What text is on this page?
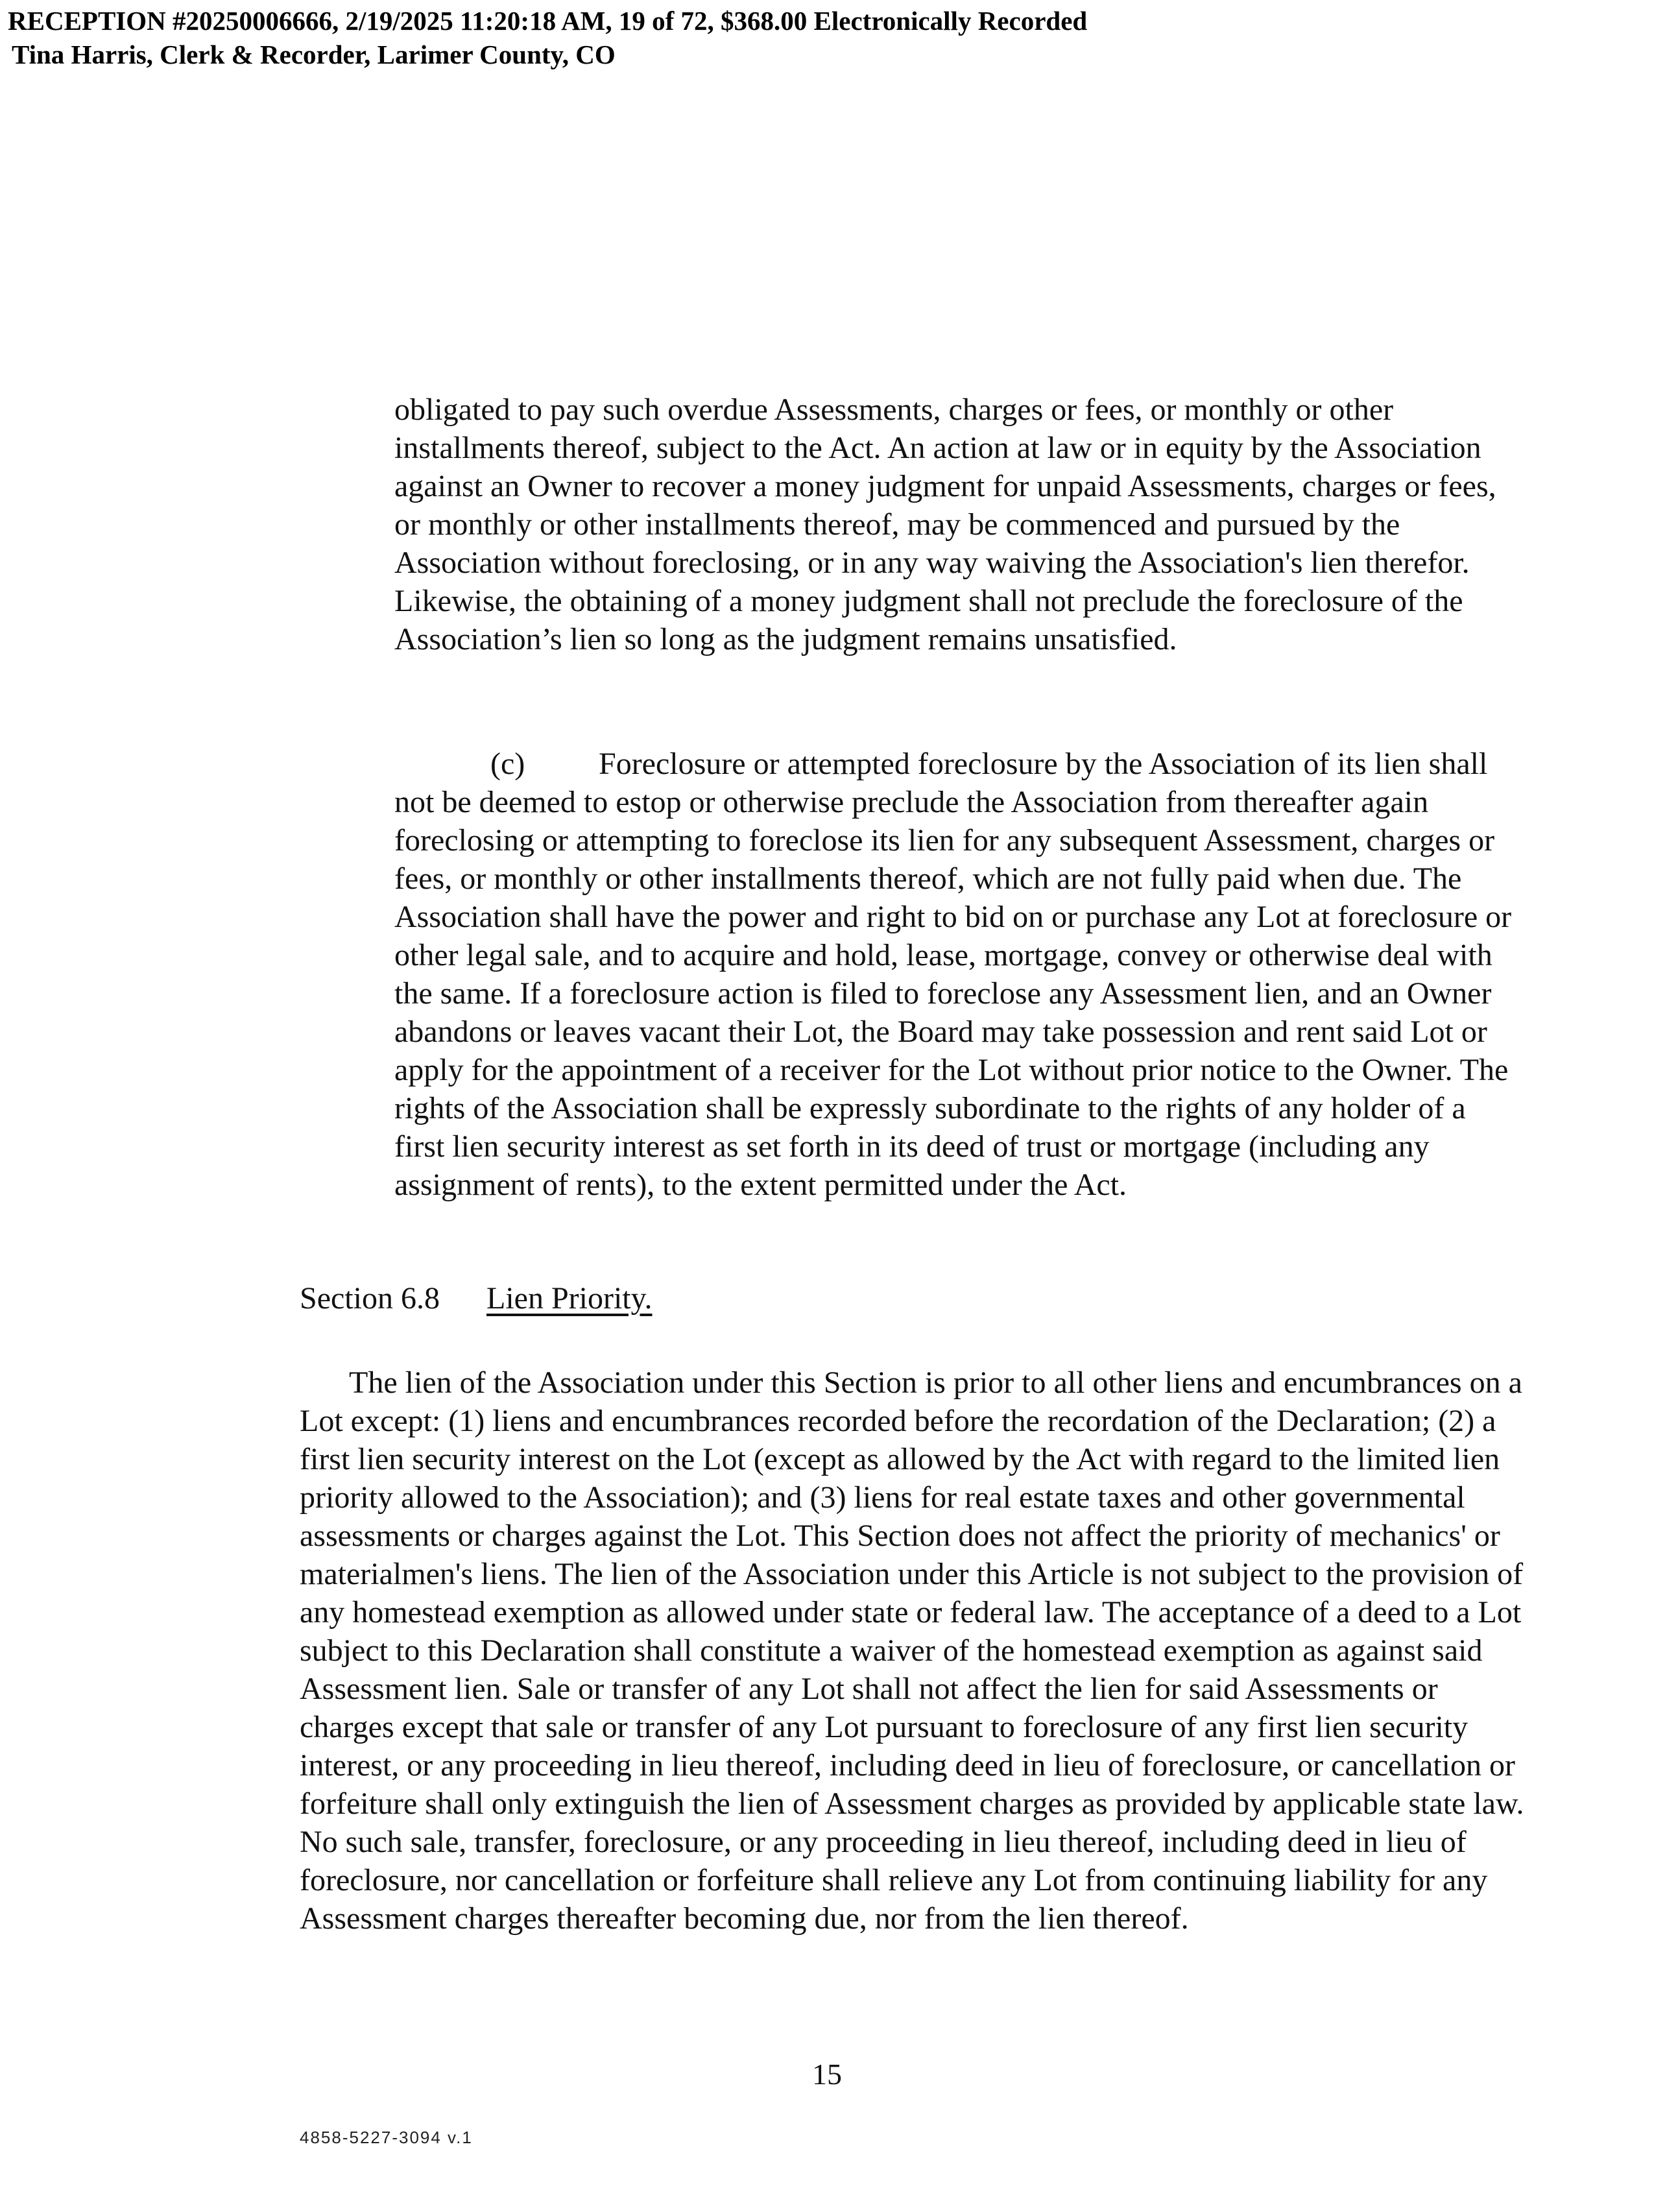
RECEPTION #20250006666, 2/19/2025 11:20:18 AM, 19 of 72, $368.00 Electronically Recorded
Tina Harris, Clerk & Recorder, Larimer County, CO

obligated to pay such overdue Assessments, charges or fees, or monthly or other installments thereof, subject to the Act. An action at law or in equity by the Association against an Owner to recover a money judgment for unpaid Assessments, charges or fees, or monthly or other installments thereof, may be commenced and pursued by the Association without foreclosing, or in any way waiving the Association's lien therefor. Likewise, the obtaining of a money judgment shall not preclude the foreclosure of the Association’s lien so long as the judgment remains unsatisfied.

(c) Foreclosure or attempted foreclosure by the Association of its lien shall not be deemed to estop or otherwise preclude the Association from thereafter again foreclosing or attempting to foreclose its lien for any subsequent Assessment, charges or fees, or monthly or other installments thereof, which are not fully paid when due. The Association shall have the power and right to bid on or purchase any Lot at foreclosure or other legal sale, and to acquire and hold, lease, mortgage, convey or otherwise deal with the same. If a foreclosure action is filed to foreclose any Assessment lien, and an Owner abandons or leaves vacant their Lot, the Board may take possession and rent said Lot or apply for the appointment of a receiver for the Lot without prior notice to the Owner. The rights of the Association shall be expressly subordinate to the rights of any holder of a first lien security interest as set forth in its deed of trust or mortgage (including any assignment of rents), to the extent permitted under the Act.

Section 6.8 Lien Priority.

The lien of the Association under this Section is prior to all other liens and encumbrances on a Lot except: (1) liens and encumbrances recorded before the recordation of the Declaration; (2) a first lien security interest on the Lot (except as allowed by the Act with regard to the limited lien priority allowed to the Association); and (3) liens for real estate taxes and other governmental assessments or charges against the Lot. This Section does not affect the priority of mechanics' or materialmen's liens. The lien of the Association under this Article is not subject to the provision of any homestead exemption as allowed under state or federal law. The acceptance of a deed to a Lot subject to this Declaration shall constitute a waiver of the homestead exemption as against said Assessment lien. Sale or transfer of any Lot shall not affect the lien for said Assessments or charges except that sale or transfer of any Lot pursuant to foreclosure of any first lien security interest, or any proceeding in lieu thereof, including deed in lieu of foreclosure, or cancellation or forfeiture shall only extinguish the lien of Assessment charges as provided by applicable state law. No such sale, transfer, foreclosure, or any proceeding in lieu thereof, including deed in lieu of foreclosure, nor cancellation or forfeiture shall relieve any Lot from continuing liability for any Assessment charges thereafter becoming due, nor from the lien thereof.

15
4858-5227-3094 v.1
